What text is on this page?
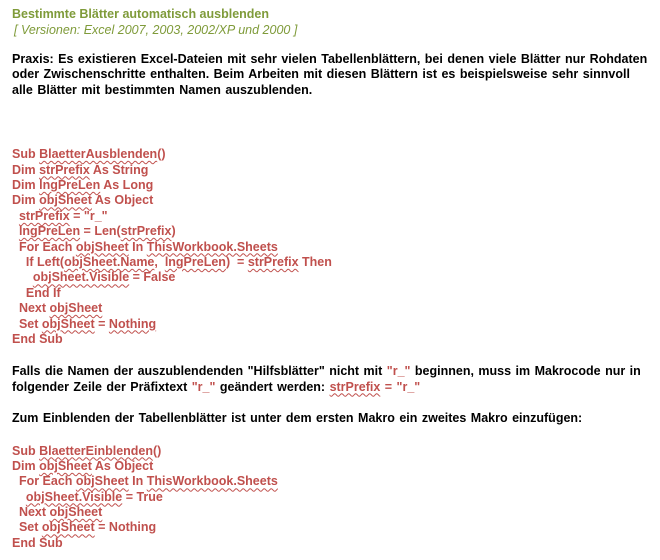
Bestimmte Blätter automatisch ausblenden

[ Versionen: Excel 2007, 2003, 2002/XP und 2000 ]

Praxis: Es existieren Excel-Dateien mit sehr vielen Tabellenblättern, bei denen viele Blätter nur Rohdaten oder Zwischenschritte enthalten. Beim Arbeiten mit diesen Blättern ist es beispielsweise sehr sinnvoll alle Blätter mit bestimmten Namen auszublenden.

Sub BlaetterAusblenden()
Dim strPrefix As String
Dim lngPreLen As Long
Dim objSheet As Object
strPrefix = "r_"
lngPreLen = Len(strPrefix)
For Each objSheet In ThisWorkbook.Sheets
If Left(objSheet.Name,  lngPreLen)  = strPrefix Then
objSheet.Visible = False
End If
Next objSheet
Set objSheet = Nothing
End Sub

Falls die Namen der auszublendenden "Hilfsblätter" nicht mit "r_" beginnen, muss im Makrocode nur in folgender Zeile der Präfixtext "r_" geändert werden: strPrefix = "r_"

Zum Einblenden der Tabellenblätter ist unter dem ersten Makro ein zweites Makro einzufügen:

Sub BlaetterEinblenden()
Dim objSheet As Object
For Each objSheet In ThisWorkbook.Sheets
objSheet.Visible = True
Next objSheet
Set objSheet = Nothing
End Sub
